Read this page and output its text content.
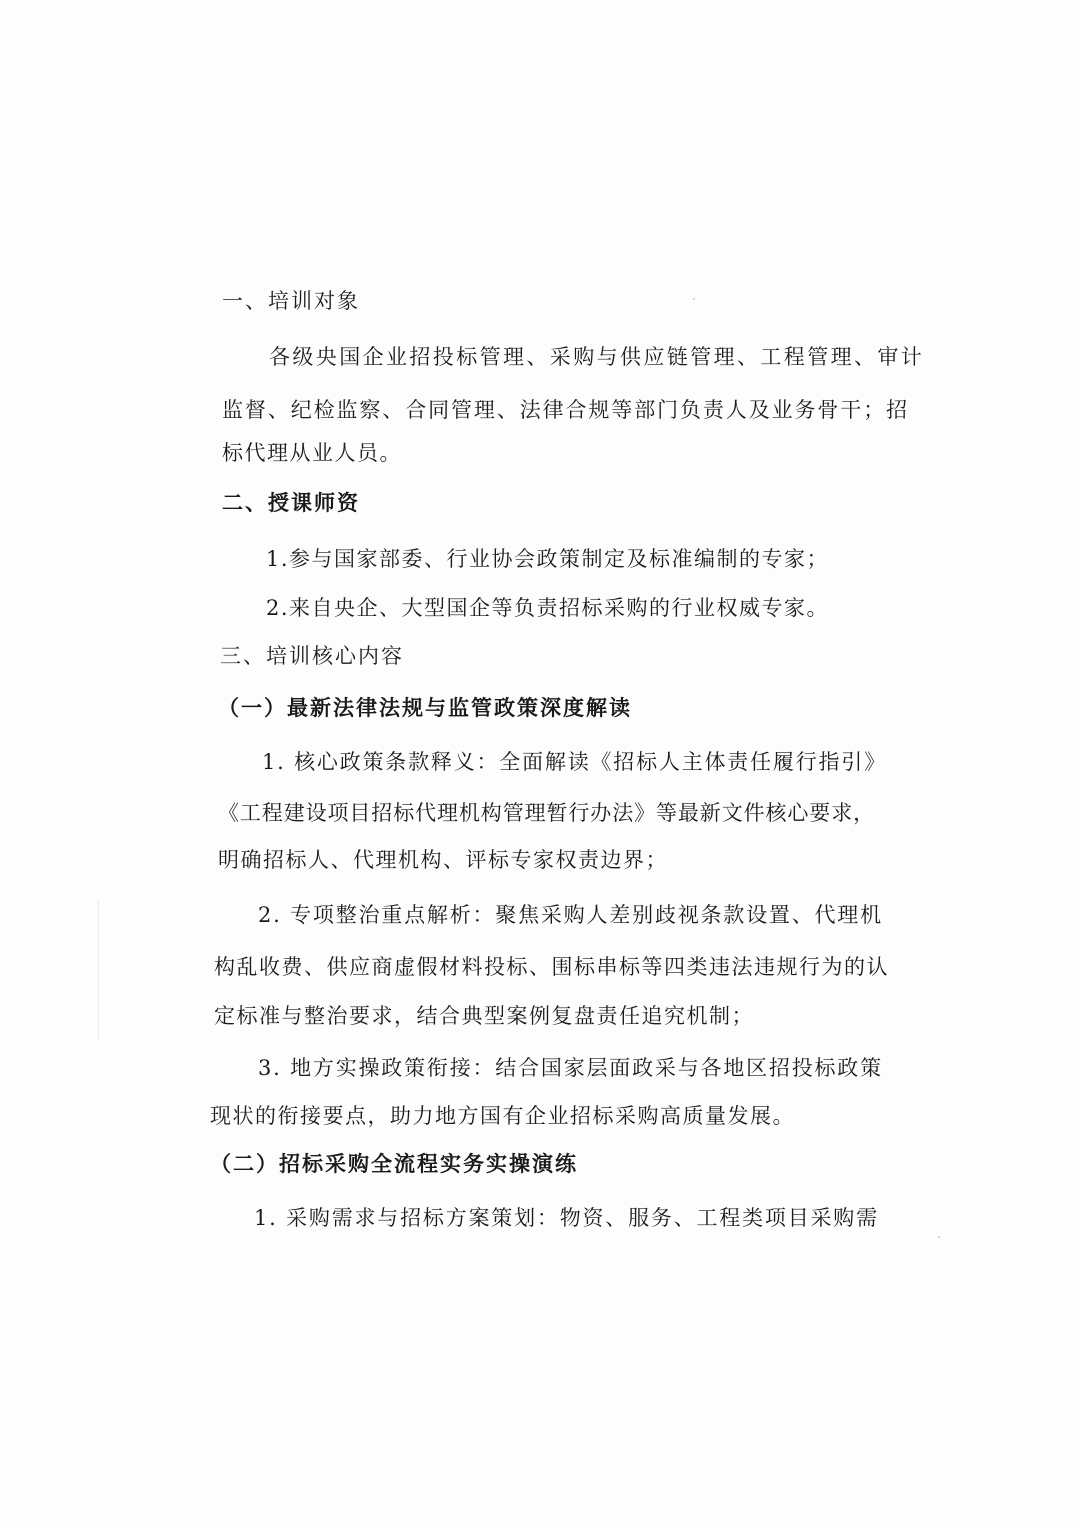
一、培训对象
各级央国企业招投标管理、采购与供应链管理、工程管理、审计
监督、纪检监察、合同管理、法律合规等部门负责人及业务骨干；招
标代理从业人员。
二、授课师资
1.参与国家部委、行业协会政策制定及标准编制的专家；
2.来自央企、大型国企等负责招标采购的行业权威专家。
三、培训核心内容
（一）最新法律法规与监管政策深度解读
1. 核心政策条款释义：全面解读《招标人主体责任履行指引》
《工程建设项目招标代理机构管理暂行办法》等最新文件核心要求，
明确招标人、代理机构、评标专家权责边界；
2. 专项整治重点解析：聚焦采购人差别歧视条款设置、代理机
构乱收费、供应商虚假材料投标、围标串标等四类违法违规行为的认
定标准与整治要求，结合典型案例复盘责任追究机制；
3. 地方实操政策衔接：结合国家层面政采与各地区招投标政策
现状的衔接要点，助力地方国有企业招标采购高质量发展。
（二）招标采购全流程实务实操演练
1. 采购需求与招标方案策划：物资、服务、工程类项目采购需
